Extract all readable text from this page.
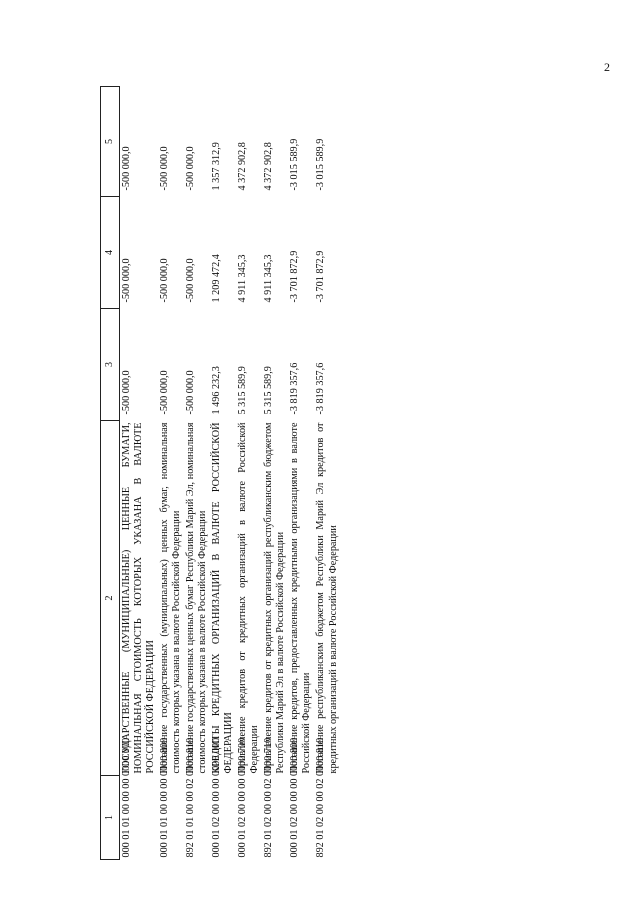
2
1	2	3	4	5
000 01 01 00 00 00 0000 000	ГОСУДАРСТВЕННЫЕ (МУНИЦИПАЛЬНЫЕ) ЦЕННЫЕ БУМАГИ, НОМИНАЛЬНАЯ СТОИМОСТЬ КОТОРЫХ УКАЗАНА В ВАЛЮТЕ РОССИЙСКОЙ ФЕДЕРАЦИИ	-500 000,0	-500 000,0	-500 000,0
000 01 01 00 00 00 0000 800	Погашение государственных (муниципальных) ценных бумаг, номинальная стоимость которых указана в валюте Российской Федерации	-500 000,0	-500 000,0	-500 000,0
892 01 01 00 00 02 0000 810	Погашение государственных ценных бумаг Республики Марий Эл, номинальная стоимость которых указана в валюте Российской Федерации	-500 000,0	-500 000,0	-500 000,0
000 01 02 00 00 00 0000 000	КРЕДИТЫ КРЕДИТНЫХ ОРГАНИЗАЦИЙ В ВАЛЮТЕ РОССИЙСКОЙ ФЕДЕРАЦИИ	1 496 232,3	1 209 472,4	1 357 312,9
000 01 02 00 00 00 0000 700	Привлечение кредитов от кредитных организаций в валюте Российской Федерации	5 315 589,9	4 911 345,3	4 372 902,8
892 01 02 00 00 02 0000 710	Привлечение кредитов от кредитных организаций республиканским бюджетом Республики Марий Эл в валюте Российской Федерации	5 315 589,9	4 911 345,3	4 372 902,8
000 01 02 00 00 00 0000 800	Погашение кредитов, предоставленных кредитными организациями в валюте Российской Федерации	-3 819 357,6	-3 701 872,9	-3 015 589,9
892 01 02 00 00 02 0000 810	Погашение республиканским бюджетом Республики Марий Эл кредитов от кредитных организаций в валюте Российской Федерации	-3 819 357,6	-3 701 872,9	-3 015 589,9
